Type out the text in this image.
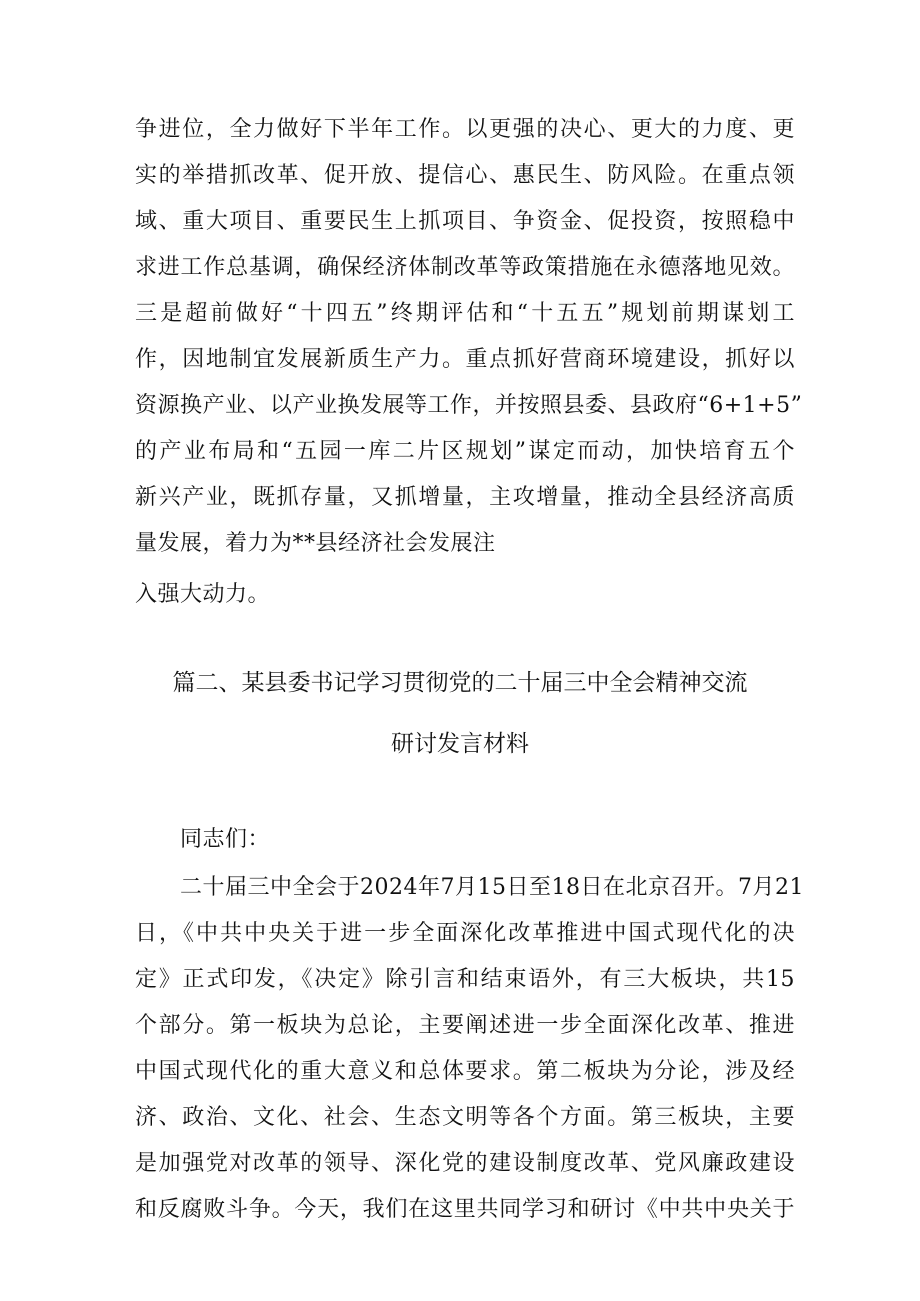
争进位，全力做好下半年工作。以更强的决心、更大的力度、更
实的举措抓改革、促开放、提信心、惠民生、防风险。在重点领
域、重大项目、重要民生上抓项目、争资金、促投资，按照稳中
求进工作总基调，确保经济体制改革等政策措施在永德落地见效。
三是超前做好“十四五”终期评估和“十五五”规划前期谋划工
作，因地制宜发展新质生产力。重点抓好营商环境建设，抓好以
资源换产业、以产业换发展等工作，并按照县委、县政府“6+1+5”
的产业布局和“五园一库二片区规划”谋定而动，加快培育五个
新兴产业，既抓存量，又抓增量，主攻增量，推动全县经济高质
量发展，着力为**县经济社会发展注
入强大动力。
篇二、某县委书记学习贯彻党的二十届三中全会精神交流
研讨发言材料
同志们：
二十届三中全会于2024年7月15日至18日在北京召开。7月21
日，《中共中央关于进一步全面深化改革推进中国式现代化的决
定》正式印发，《决定》除引言和结束语外，有三大板块，共15
个部分。第一板块为总论，主要阐述进一步全面深化改革、推进
中国式现代化的重大意义和总体要求。第二板块为分论，涉及经
济、政治、文化、社会、生态文明等各个方面。第三板块，主要
是加强党对改革的领导、深化党的建设制度改革、党风廉政建设
和反腐败斗争。今天，我们在这里共同学习和研讨《中共中央关于
